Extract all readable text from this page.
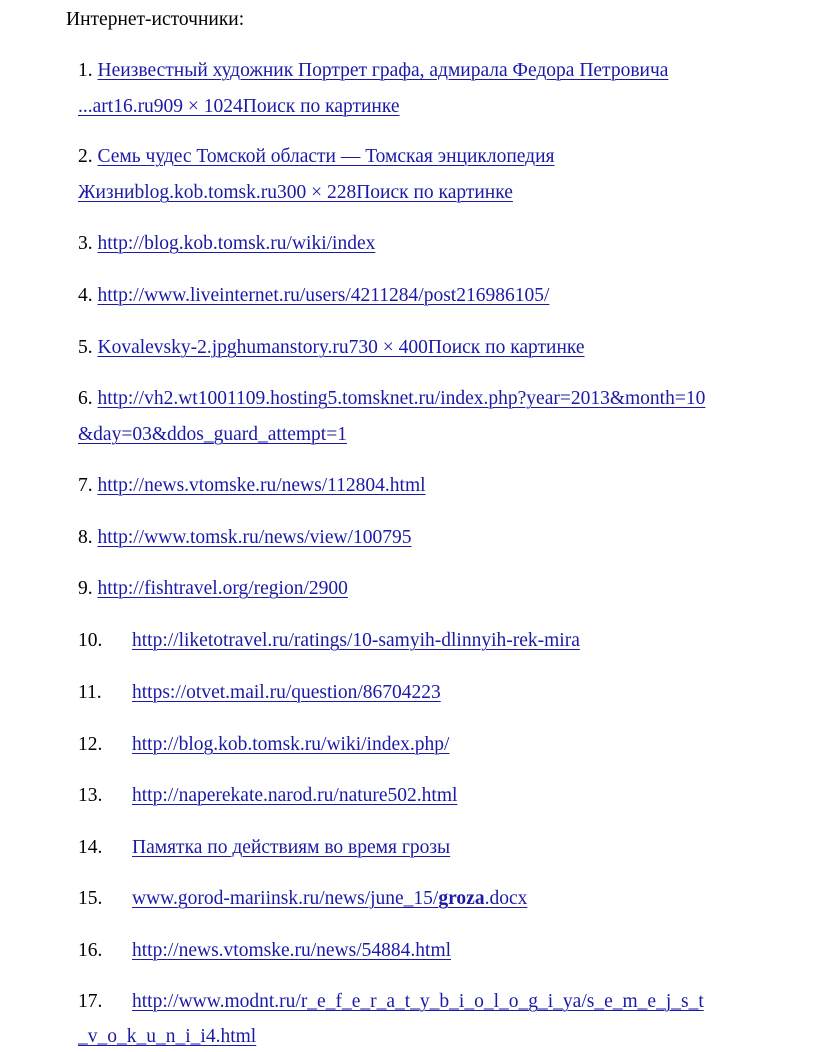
Интернет-источники:
1. Неизвестный художник Портрет графа, адмирала Федора Петровича
...art16.ru909 × 1024Поиск по картинке
2. Семь чудес Томской области — Томская энциклопедия
Жизниblog.kob.tomsk.ru300 × 228Поиск по картинке
3. http://blog.kob.tomsk.ru/wiki/index
4. http://www.liveinternet.ru/users/4211284/post216986105/
5. Kovalevsky-2.jpghumanstory.ru730 × 400Поиск по картинке
6. http://vh2.wt1001109.hosting5.tomsknet.ru/index.php?year=2013&month=10
&day=03&ddos_guard_attempt=1
7. http://news.vtomske.ru/news/112804.html
8. http://www.tomsk.ru/news/view/100795
9. http://fishtravel.org/region/2900
10. http://liketotravel.ru/ratings/10-samyih-dlinnyih-rek-mira
11. https://otvet.mail.ru/question/86704223
12. http://blog.kob.tomsk.ru/wiki/index.php/
13. http://naperekate.narod.ru/nature502.html
14. Памятка по действиям во время грозы
15. www.gorod-mariinsk.ru/news/june_15/groza.docx
16. http://news.vtomske.ru/news/54884.html
17. http://www.modnt.ru/r_e_f_e_r_a_t_y_b_i_o_l_o_g_i_ya/s_e_m_e_j_s_t
_v_o_k_u_n_i_i4.html
